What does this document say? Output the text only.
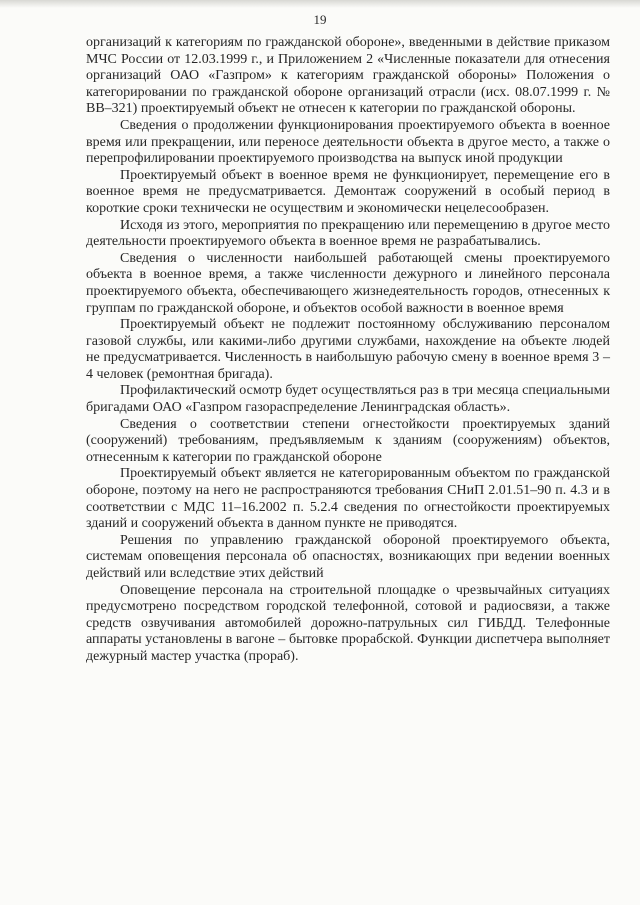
19

организаций к категориям по гражданской обороне», введенными в действие приказом МЧС России от 12.03.1999 г., и Приложением 2 «Численные показатели для отнесения организаций ОАО «Газпром» к категориям гражданской обороны» Положения о категорировании по гражданской обороне организаций отрасли (исх. 08.07.1999 г. № ВВ–321) проектируемый объект не отнесен к категории по гражданской обороны.

Сведения о продолжении функционирования проектируемого объекта в военное время или прекращении, или переносе деятельности объекта в другое место, а также о перепрофилировании проектируемого производства на выпуск иной продукции

Проектируемый объект в военное время не функционирует, перемещение его в военное время не предусматривается. Демонтаж сооружений в особый период в короткие сроки технически не осуществим и экономически нецелесообразен.

Исходя из этого, мероприятия по прекращению или перемещению в другое место деятельности проектируемого объекта в военное время не разрабатывались.

Сведения о численности наибольшей работающей смены проектируемого объекта в военное время, а также численности дежурного и линейного персонала проектируемого объекта, обеспечивающего жизнедеятельность городов, отнесенных к группам по гражданской обороне, и объектов особой важности в военное время

Проектируемый объект не подлежит постоянному обслуживанию персоналом газовой службы, или какими-либо другими службами, нахождение на объекте людей не предусматривается. Численность в наибольшую рабочую смену в военное время 3 – 4 человек (ремонтная бригада).

Профилактический осмотр будет осуществляться раз в три месяца специальными бригадами ОАО «Газпром газораспределение Ленинградская область».

Сведения о соответствии степени огнестойкости проектируемых зданий (сооружений) требованиям, предъявляемым к зданиям (сооружениям) объектов, отнесенным к категории по гражданской обороне

Проектируемый объект является не категорированным объектом по гражданской обороне, поэтому на него не распространяются требования СНиП 2.01.51–90 п. 4.3 и в соответствии с МДС 11–16.2002 п. 5.2.4 сведения по огнестойкости проектируемых зданий и сооружений объекта в данном пункте не приводятся.

Решения по управлению гражданской обороной проектируемого объекта, системам оповещения персонала об опасностях, возникающих при ведении военных действий или вследствие этих действий

Оповещение персонала на строительной площадке о чрезвычайных ситуациях предусмотрено посредством городской телефонной, сотовой и радиосвязи, а также средств озвучивания автомобилей дорожно-патрульных сил ГИБДД. Телефонные аппараты установлены в вагоне – бытовке прорабской. Функции диспетчера выполняет дежурный мастер участка (прораб).
